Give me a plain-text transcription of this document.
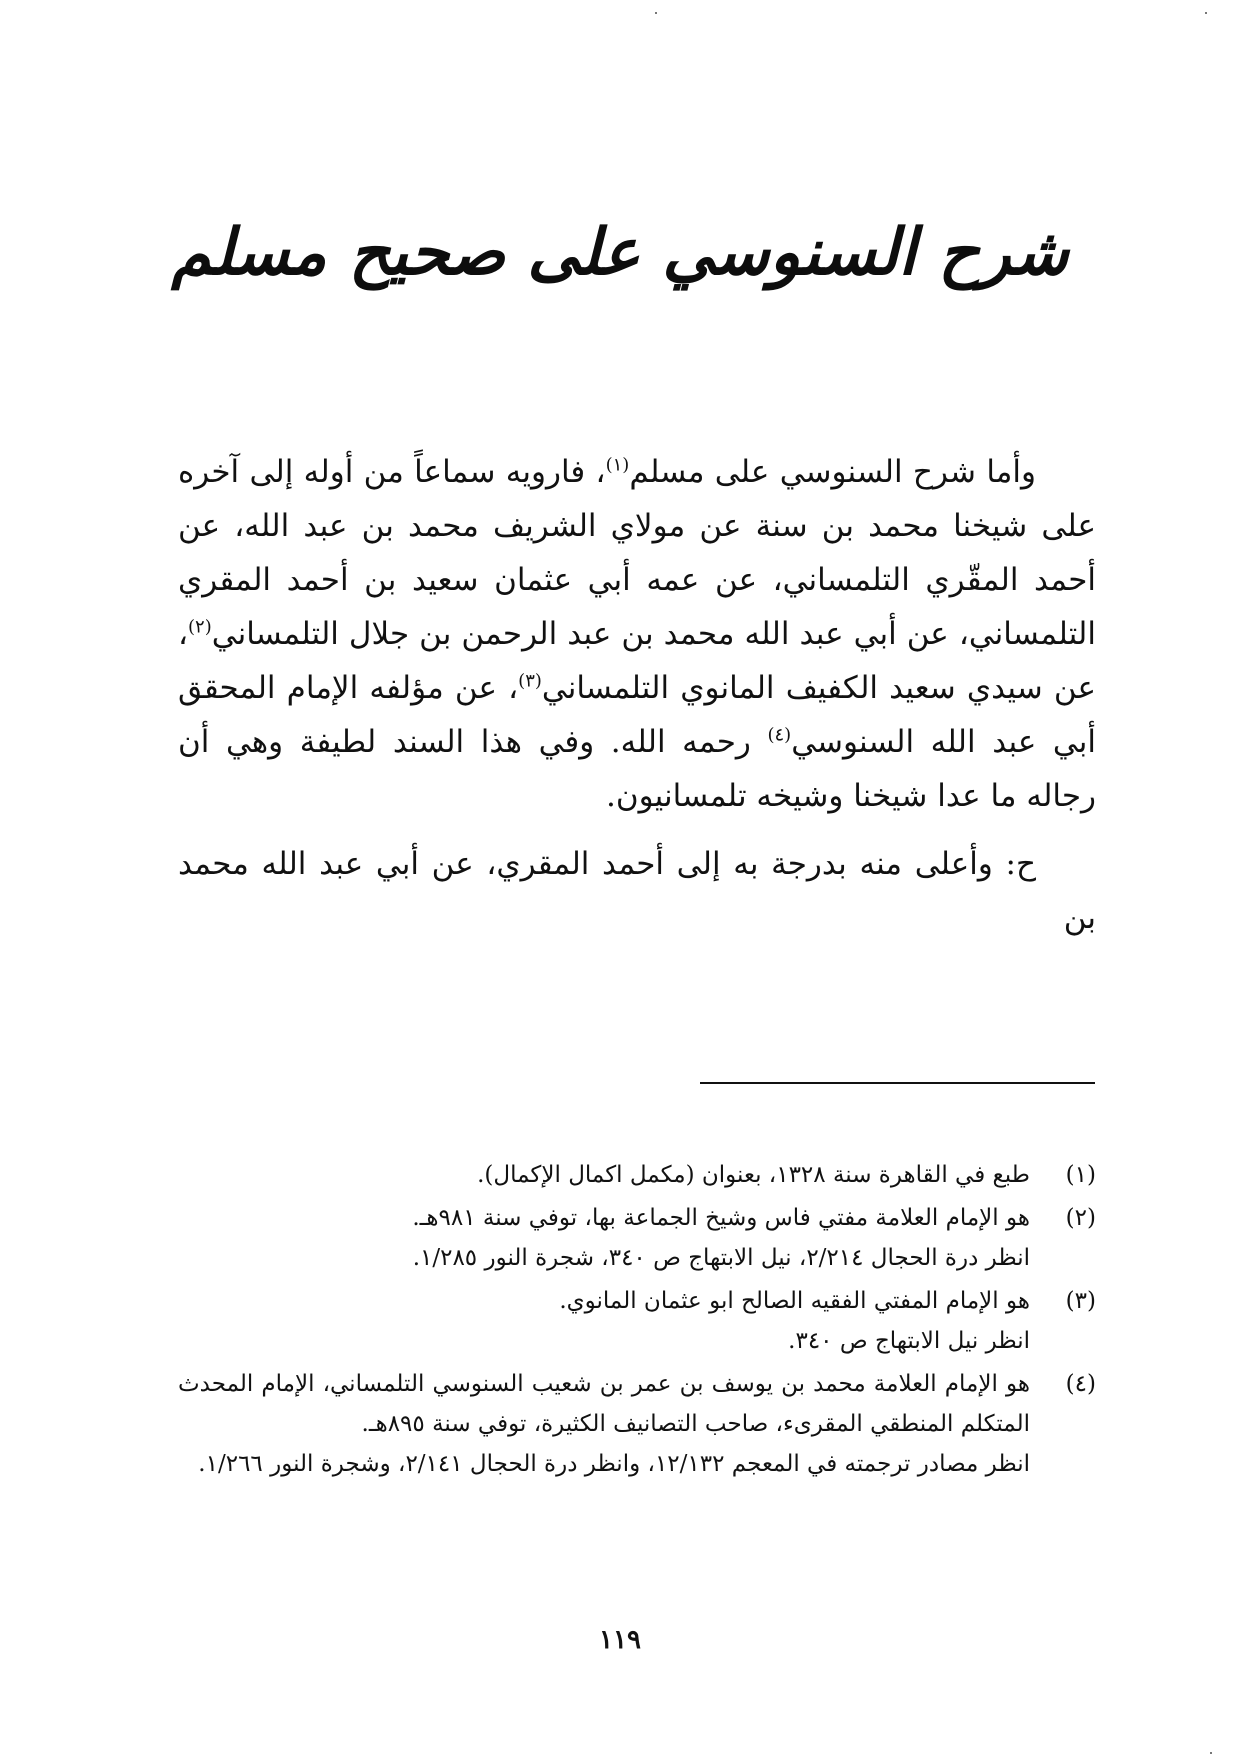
شرح السنوسي على صحيح مسلم

وأما شرح السنوسي على مسلم$^{(١)}$، فارويه سماعاً من أوله إلى آخره على شيخنا محمد بن سنة عن مولاي الشريف محمد بن عبد الله، عن أحمد المقّري التلمساني، عن عمه أبي عثمان سعيد بن أحمد المقري التلمساني، عن أبي عبد الله محمد بن عبد الرحمن بن جلال التلمساني$^{(٢)}$، عن سيدي سعيد الكفيف المانوي التلمساني$^{(٣)}$، عن مؤلفه الإمام المحقق أبي عبد الله السنوسي$^{(٤)}$ رحمه الله. وفي هذا السند لطيفة وهي أن رجاله ما عدا شيخنا وشيخه تلمسانيون.

ح: وأعلى منه بدرجة به إلى أحمد المقري، عن أبي عبد الله محمد بن

(١)
طبع في القاهرة سنة ١٣٢٨، بعنوان (مكمل اكمال الإكمال).
(٢)
هو الإمام العلامة مفتي فاس وشيخ الجماعة بها، توفي سنة ٩٨١هـ.
انظر درة الحجال ٢/٢١٤، نيل الابتهاج ص ٣٤٠، شجرة النور ١/٢٨٥.
(٣)
هو الإمام المفتي الفقيه الصالح ابو عثمان المانوي.
انظر نيل الابتهاج ص ٣٤٠.
(٤)
هو الإمام العلامة محمد بن يوسف بن عمر بن شعيب السنوسي التلمساني، الإمام المحدث المتكلم المنطقي المقرىء، صاحب التصانيف الكثيرة، توفي سنة ٨٩٥هـ.
انظر مصادر ترجمته في المعجم ١٢/١٣٢، وانظر درة الحجال ٢/١٤١، وشجرة النور ١/٢٦٦.
١١٩
